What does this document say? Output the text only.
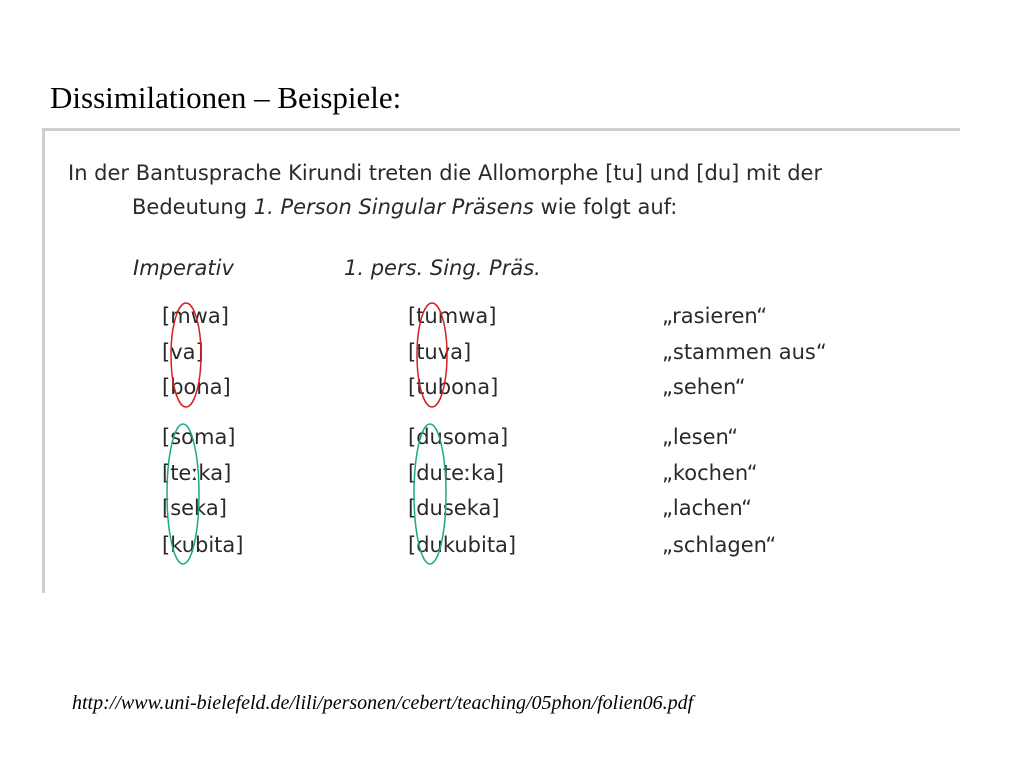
Dissimilationen – Beispiele:
In der Bantusprache Kirundi treten die Allomorphe [tu] und [du] mit der
Bedeutung 1. Person Singular Präsens wie folgt auf:
Imperativ	1. pers. Sing. Präs.
[mwa]	[tumwa]	„rasieren“
[va]	[tuva]	„stammen aus“
[bona]	[tubona]	„sehen“
[soma]	[dusoma]	„lesen“
[teːka]	[duteːka]	„kochen“
[seka]	[duseka]	„lachen“
[kubita]	[dukubita]	„schlagen“
http://www.uni-bielefeld.de/lili/personen/cebert/teaching/05phon/folien06.pdf
